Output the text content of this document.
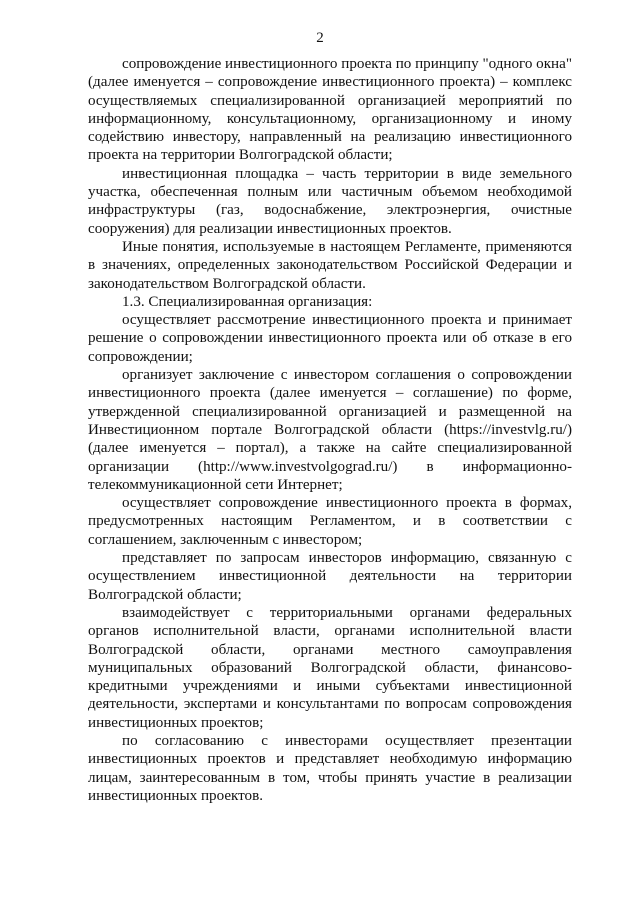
2

сопровождение инвестиционного проекта по принципу "одного окна" (далее именуется – сопровождение инвестиционного проекта) – комплекс осуществляемых специализированной организацией мероприятий по информационному, консультационному, организационному и иному содействию инвестору, направленный на реализацию инвестиционного проекта на территории Волгоградской области;

инвестиционная площадка – часть территории в виде земельного участка, обеспеченная полным или частичным объемом необходимой инфраструктуры (газ, водоснабжение, электроэнергия, очистные сооружения) для реализации инвестиционных проектов.

Иные понятия, используемые в настоящем Регламенте, применяются в значениях, определенных законодательством Российской Федерации и законодательством Волгоградской области.

1.3. Специализированная организация:

осуществляет рассмотрение инвестиционного проекта и принимает решение о сопровождении инвестиционного проекта или об отказе в его сопровождении;

организует заключение с инвестором соглашения о сопровождении инвестиционного проекта (далее именуется – соглашение) по форме, утвержденной специализированной организацией и размещенной на Инвестиционном портале Волгоградской области (https://investvlg.ru/) (далее именуется – портал), а также на сайте специализированной организации (http://www.investvolgograd.ru/) в информационно-телекоммуникационной сети Интернет;

осуществляет сопровождение инвестиционного проекта в формах, предусмотренных настоящим Регламентом, и в соответствии с соглашением, заключенным с инвестором;

представляет по запросам инвесторов информацию, связанную с осуществлением инвестиционной деятельности на территории Волгоградской области;

взаимодействует с территориальными органами федеральных органов исполнительной власти, органами исполнительной власти Волгоградской области, органами местного самоуправления муниципальных образований Волгоградской области, финансово-кредитными учреждениями и иными субъектами инвестиционной деятельности, экспертами и консультантами по вопросам сопровождения инвестиционных проектов;

по согласованию с инвесторами осуществляет презентации инвестиционных проектов и представляет необходимую информацию лицам, заинтересованным в том, чтобы принять участие в реализации инвестиционных проектов.
